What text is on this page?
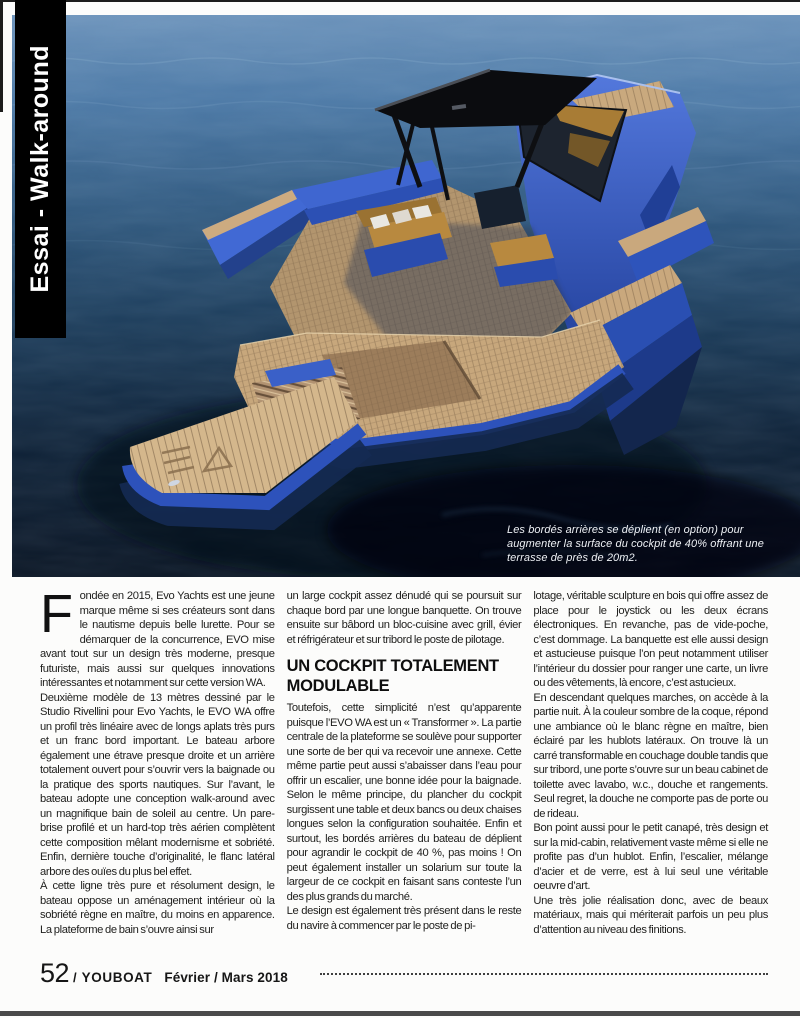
Les bordés arrières se déplient (en option) pour augmenter la surface du cockpit de 40% offrant une terrasse de près de 20m2.
Essai - Walk-around

Fondée en 2015, Evo Yachts est une jeune marque même si ses créateurs sont dans le nautisme depuis belle lurette. Pour se démarquer de la concurrence, EVO mise avant tout sur un design très moderne, presque futuriste, mais aussi sur quelques innovations intéressantes et notamment sur cette version WA.

Deuxième modèle de 13 mètres dessiné par le Studio Rivellini pour Evo Yachts, le EVO WA offre un profil très linéaire avec de longs aplats très purs et un franc bord important. Le bateau arbore également une étrave presque droite et un arrière totalement ouvert pour s’ouvrir vers la baignade ou la pratique des sports nautiques. Sur l’avant, le bateau adopte une conception walk-around avec un magnifique bain de soleil au centre. Un pare-brise profilé et un hard-top très aérien complètent cette composition mêlant modernisme et sobriété. Enfin, dernière touche d’originalité, le flanc latéral arbore des ouïes du plus bel effet.

À cette ligne très pure et résolument design, le bateau oppose un aménagement intérieur où la sobriété règne en maître, du moins en apparence. La plateforme de bain s’ouvre ainsi sur

un large cockpit assez dénudé qui se poursuit sur chaque bord par une longue banquette. On trouve ensuite sur bâbord un bloc-cuisine avec grill, évier et réfrigérateur et sur tribord le poste de pilotage.

UN COCKPIT TOTALEMENT MODULABLE

Toutefois, cette simplicité n’est qu’apparente puisque l’EVO WA est un « Transformer ». La partie centrale de la plateforme se soulève pour supporter une sorte de ber qui va recevoir une annexe. Cette même partie peut aussi s’abaisser dans l’eau pour offrir un escalier, une bonne idée pour la baignade. Selon le même principe, du plancher du cockpit surgissent une table et deux bancs ou deux chaises longues selon la configuration souhaitée. Enfin et surtout, les bordés arrières du bateau de déplient pour agrandir le cockpit de 40 %, pas moins ! On peut également installer un solarium sur toute la largeur de ce cockpit en faisant sans conteste l’un des plus grands du marché.

Le design est également très présent dans le reste du navire à commencer par le poste de pi-

lotage, véritable sculpture en bois qui offre assez de place pour le joystick ou les deux écrans électroniques. En revanche, pas de vide-poche, c’est dommage. La banquette est elle aussi design et astucieuse puisque l’on peut notamment utiliser l’intérieur du dossier pour ranger une carte, un livre ou des vêtements, là encore, c’est astucieux.

En descendant quelques marches, on accède à la partie nuit. À la couleur sombre de la coque, répond une ambiance où le blanc règne en maître, bien éclairé par les hublots latéraux. On trouve là un carré transformable en couchage double tandis que sur tribord, une porte s’ouvre sur un beau cabinet de toilette avec lavabo, w.c., douche et rangements. Seul regret, la douche ne comporte pas de porte ou de rideau.

Bon point aussi pour le petit canapé, très design et sur la mid-cabin, relativement vaste même si elle ne profite pas d’un hublot. Enfin, l’escalier, mélange d’acier et de verre, est à lui seul une véritable oeuvre d’art.

Une très jolie réalisation donc, avec de beaux matériaux, mais qui mériterait parfois un peu plus d’attention au niveau des finitions.

52 / YOUBOAT Février / Mars 2018
